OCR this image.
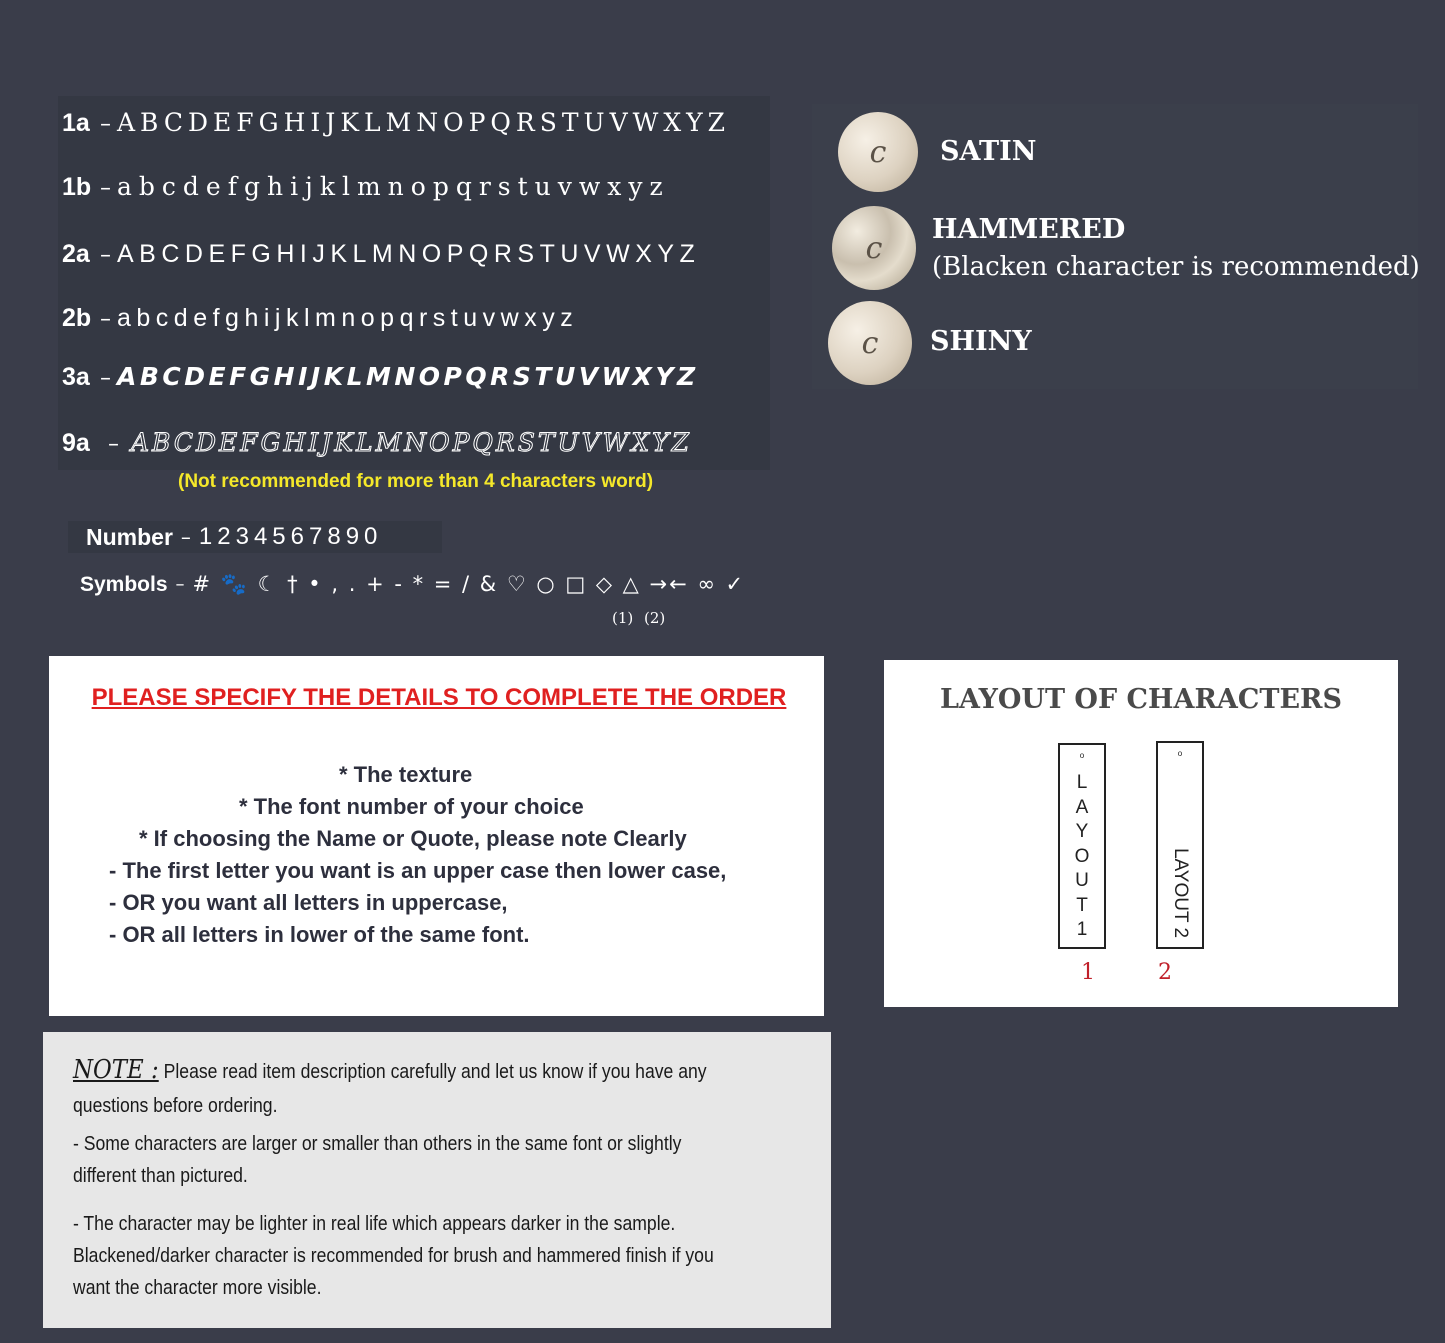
1a – ABCDEFGHIJKLMNOPQRSTUVWXYZ
1b – abcdefghijklmnopqrstuvwxyz
2a – ABCDEFGHIJKLMNOPQRSTUVWXYZ
2b – abcdefghijklmnopqrstuvwxyz
3a – ABCDEFGHIJKLMNOPQRSTUVWXYZ
9a – ABCDEFGHIJKLMNOPQRSTUVWXYZ
(Not recommended for more than 4 characters word)
Number – 1234567890
Symbols – # 🐾 ☾ † • , . + - * = / & ♡ ○ □ ◇ △ →← ∞ ✓
(1) (2)
c	SATIN
c
HAMMERED
(Blacken character is recommended)
c	SHINY
PLEASE SPECIFY THE DETAILS TO COMPLETE THE ORDER
* The texture
* The font number of your choice
* If choosing the Name or Quote, please note Clearly
- The first letter you want is an upper case then lower case,
- OR you want all letters in uppercase,
- OR all letters in lower of the same font.
LAYOUT OF CHARACTERS
o
L
A
Y
O
U
T
1
o
LAYOUT 2
1	2
NOTE : Please read item description carefully and let us know if you have any
questions before ordering.
- Some characters are larger or smaller than others in the same font or slightly
different than pictured.
- The character may be lighter in real life which appears darker in the sample.
Blackened/darker character is recommended for brush and hammered finish if you
want the character more visible.
